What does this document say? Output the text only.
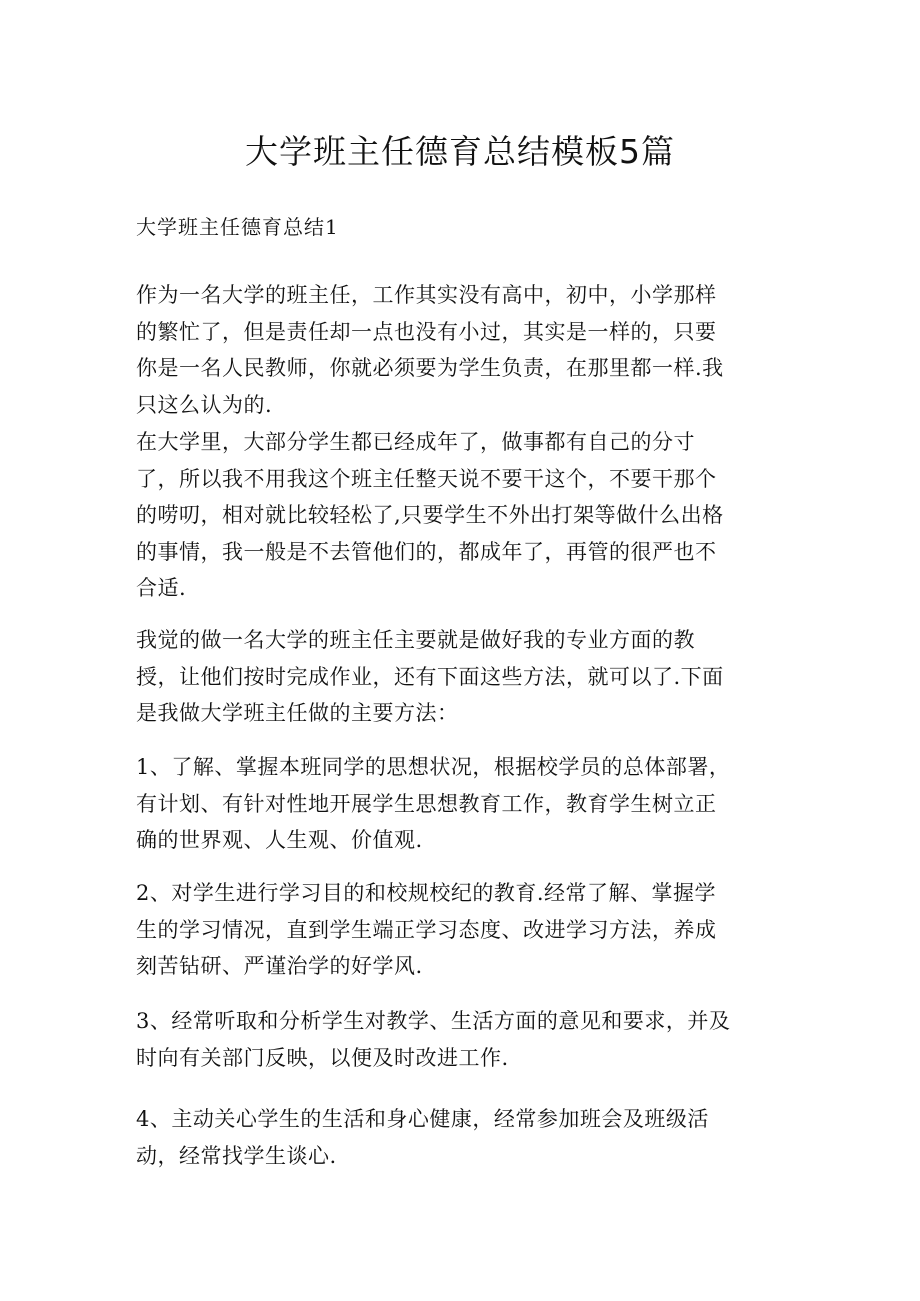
大学班主任德育总结模板5篇

大学班主任德育总结1

作为一名大学的班主任，工作其实没有高中，初中，小学那样
的繁忙了，但是责任却一点也没有小过，其实是一样的，只要
你是一名人民教师，你就必须要为学生负责，在那里都一样.我
只这么认为的.

在大学里，大部分学生都已经成年了，做事都有自己的分寸
了，所以我不用我这个班主任整天说不要干这个，不要干那个
的唠叨，相对就比较轻松了,只要学生不外出打架等做什么出格
的事情，我一般是不去管他们的，都成年了，再管的很严也不
合适.

我觉的做一名大学的班主任主要就是做好我的专业方面的教
授，让他们按时完成作业，还有下面这些方法，就可以了.下面
是我做大学班主任做的主要方法：

1、了解、掌握本班同学的思想状况，根据校学员的总体部署，
有计划、有针对性地开展学生思想教育工作，教育学生树立正
确的世界观、人生观、价值观.

2、对学生进行学习目的和校规校纪的教育.经常了解、掌握学
生的学习情况，直到学生端正学习态度、改进学习方法，养成
刻苦钻研、严谨治学的好学风.

3、经常听取和分析学生对教学、生活方面的意见和要求，并及
时向有关部门反映，以便及时改进工作.

4、主动关心学生的生活和身心健康，经常参加班会及班级活
动，经常找学生谈心.
